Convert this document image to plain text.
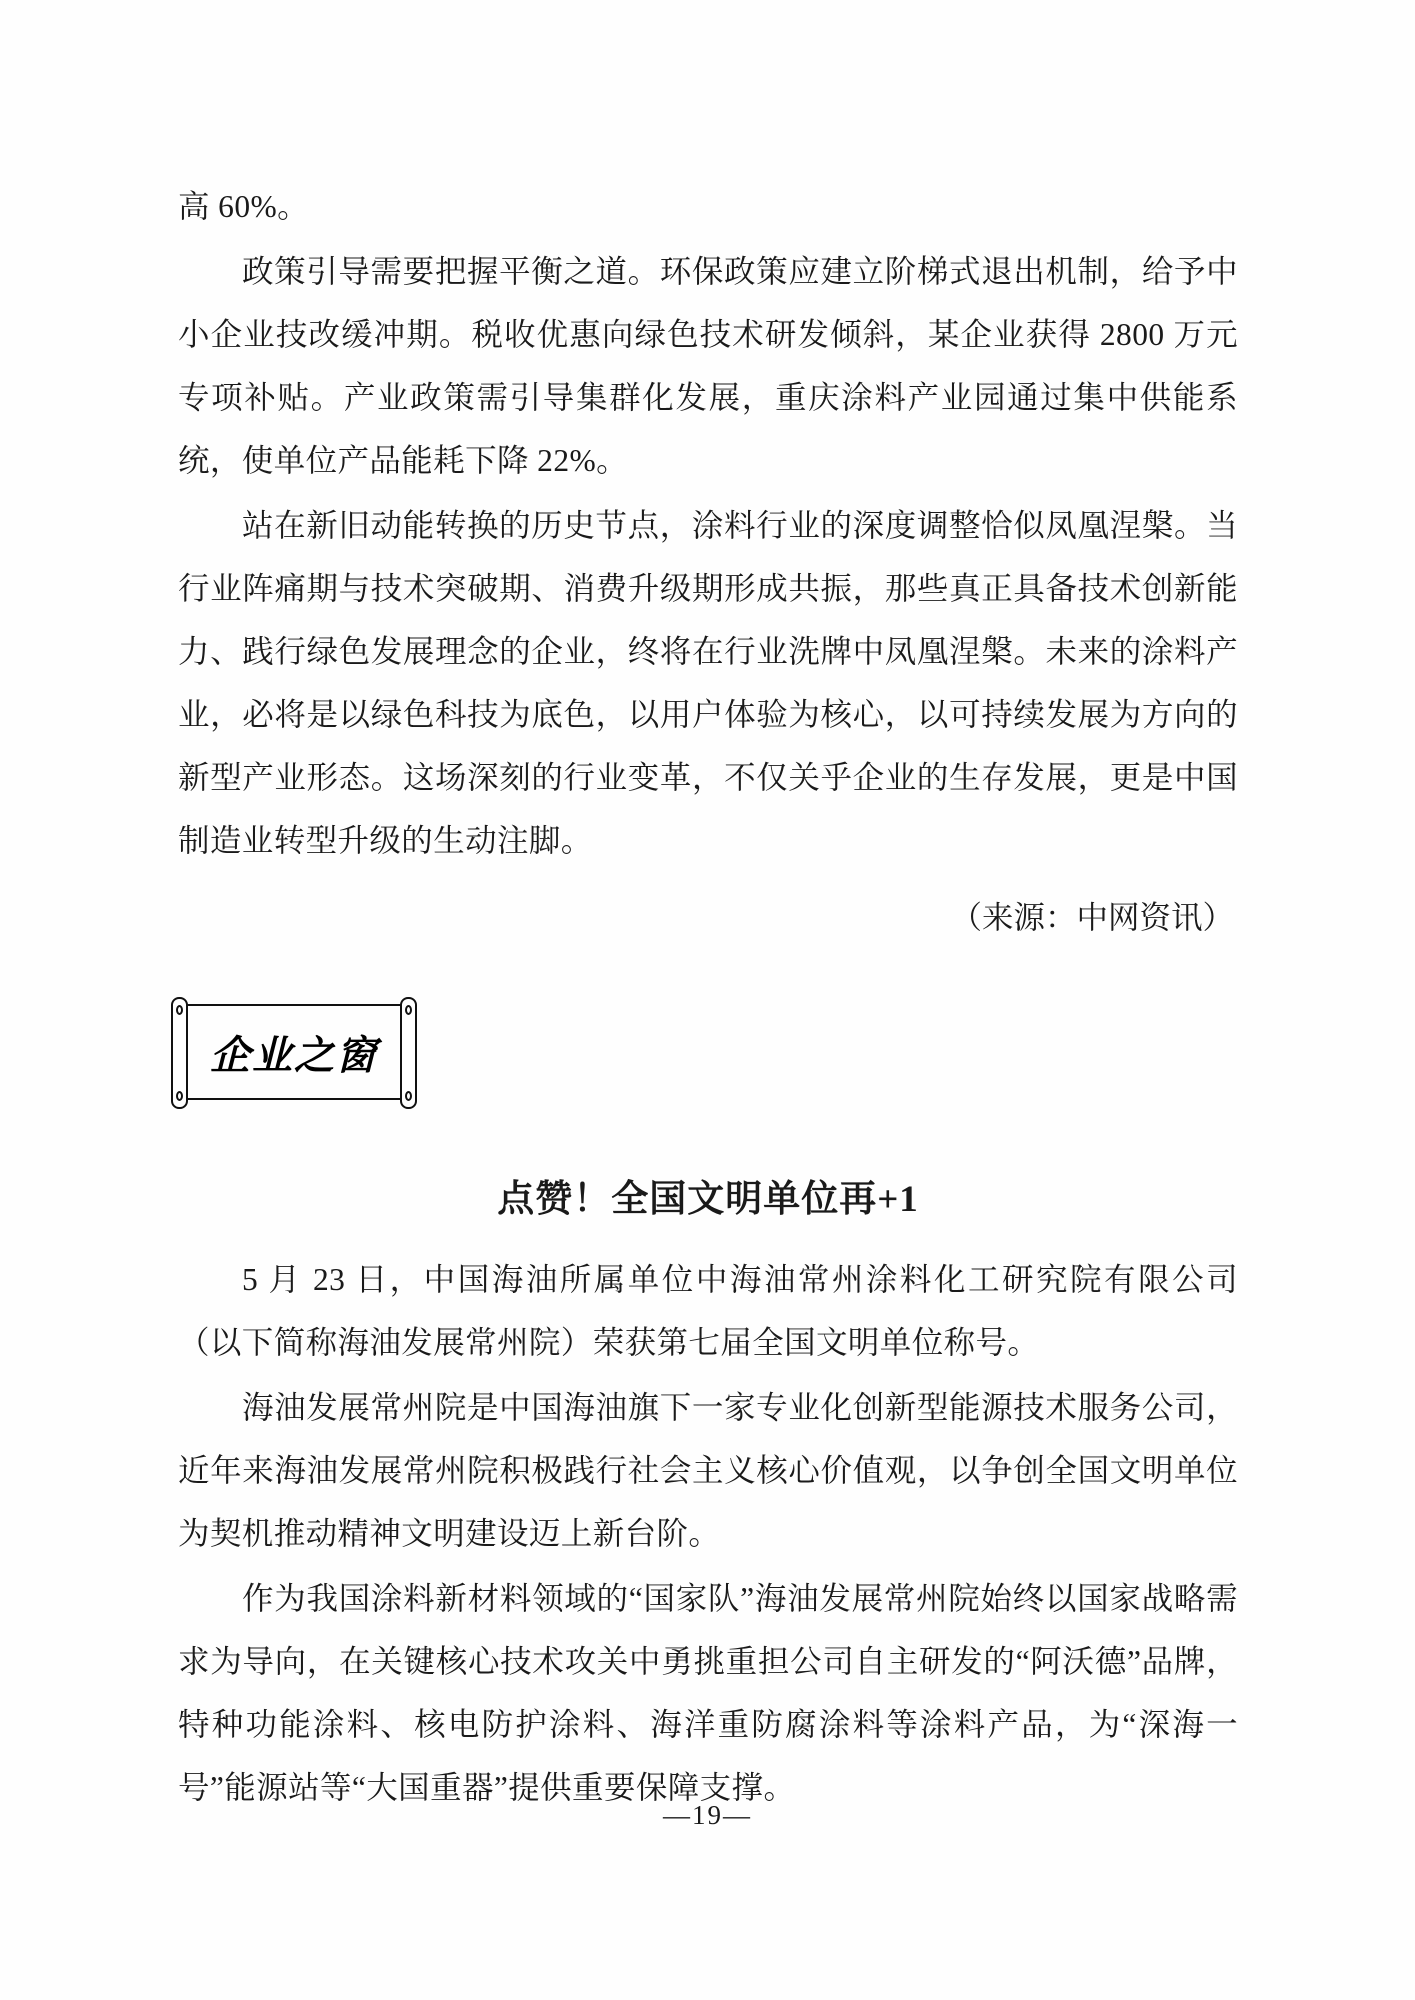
高 60%。

政策引导需要把握平衡之道。环保政策应建立阶梯式退出机制，给予中小企业技改缓冲期。税收优惠向绿色技术研发倾斜，某企业获得 2800 万元专项补贴。产业政策需引导集群化发展，重庆涂料产业园通过集中供能系统，使单位产品能耗下降 22%。

站在新旧动能转换的历史节点，涂料行业的深度调整恰似凤凰涅槃。当行业阵痛期与技术突破期、消费升级期形成共振，那些真正具备技术创新能力、践行绿色发展理念的企业，终将在行业洗牌中凤凰涅槃。未来的涂料产业，必将是以绿色科技为底色，以用户体验为核心，以可持续发展为方向的新型产业形态。这场深刻的行业变革，不仅关乎企业的生存发展，更是中国制造业转型升级的生动注脚。

（来源：中网资讯）
企业之窗
点赞！全国文明单位再+1

5 月 23 日，中国海油所属单位中海油常州涂料化工研究院有限公司（以下简称海油发展常州院）荣获第七届全国文明单位称号。

海油发展常州院是中国海油旗下一家专业化创新型能源技术服务公司，近年来海油发展常州院积极践行社会主义核心价值观，以争创全国文明单位为契机推动精神文明建设迈上新台阶。

作为我国涂料新材料领域的“国家队”海油发展常州院始终以国家战略需求为导向，在关键核心技术攻关中勇挑重担公司自主研发的“阿沃德”品牌，特种功能涂料、核电防护涂料、海洋重防腐涂料等涂料产品，为“深海一号”能源站等“大国重器”提供重要保障支撑。

—19—
